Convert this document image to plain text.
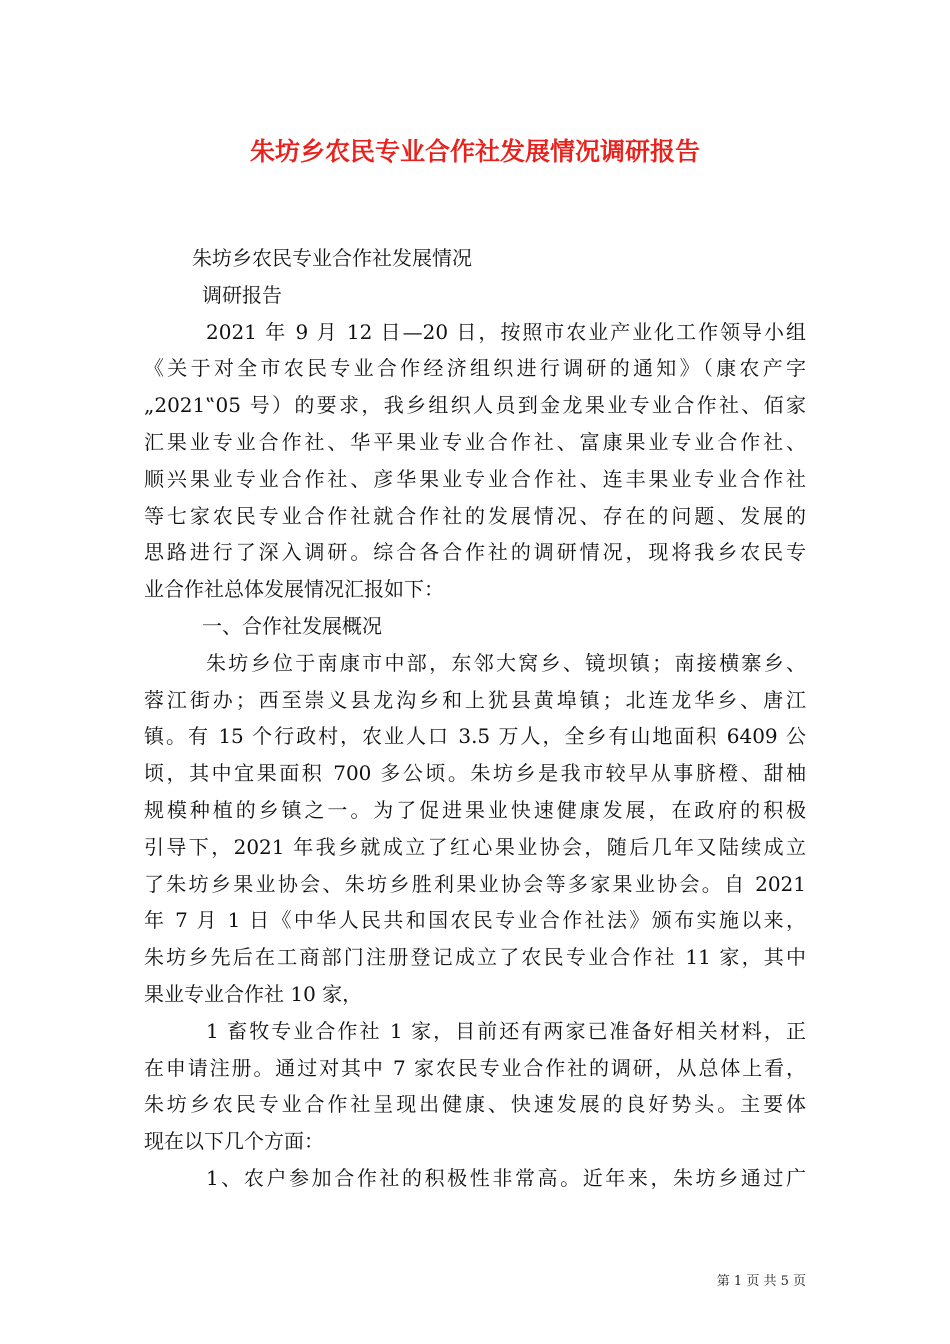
朱坊乡农民专业合作社发展情况调研报告
朱坊乡农民专业合作社发展情况
调研报告
2021 年 9 月 12 日—20 日，按照市农业产业化工作领导小组
《关于对全市农民专业合作经济组织进行调研的通知》（康农产字
„2021‟05 号）的要求，我乡组织人员到金龙果业专业合作社、佰家
汇果业专业合作社、华平果业专业合作社、富康果业专业合作社、
顺兴果业专业合作社、彦华果业专业合作社、连丰果业专业合作社
等七家农民专业合作社就合作社的发展情况、存在的问题、发展的
思路进行了深入调研。综合各合作社的调研情况，现将我乡农民专
业合作社总体发展情况汇报如下：
一、合作社发展概况
朱坊乡位于南康市中部，东邻大窝乡、镜坝镇；南接横寨乡、
蓉江街办；西至崇义县龙沟乡和上犹县黄埠镇；北连龙华乡、唐江
镇。有 15 个行政村，农业人口 3.5 万人，全乡有山地面积 6409 公
顷，其中宜果面积 700 多公顷。朱坊乡是我市较早从事脐橙、甜柚
规模种植的乡镇之一。为了促进果业快速健康发展，在政府的积极
引导下，2021 年我乡就成立了红心果业协会，随后几年又陆续成立
了朱坊乡果业协会、朱坊乡胜利果业协会等多家果业协会。自 2021
年 7 月 1 日《中华人民共和国农民专业合作社法》颁布实施以来，
朱坊乡先后在工商部门注册登记成立了农民专业合作社 11 家，其中
果业专业合作社 10 家，
1 畜牧专业合作社 1 家，目前还有两家已准备好相关材料，正
在申请注册。通过对其中 7 家农民专业合作社的调研，从总体上看，
朱坊乡农民专业合作社呈现出健康、快速发展的良好势头。主要体
现在以下几个方面：
1、农户参加合作社的积极性非常高。近年来，朱坊乡通过广
第 1 页 共 5 页
